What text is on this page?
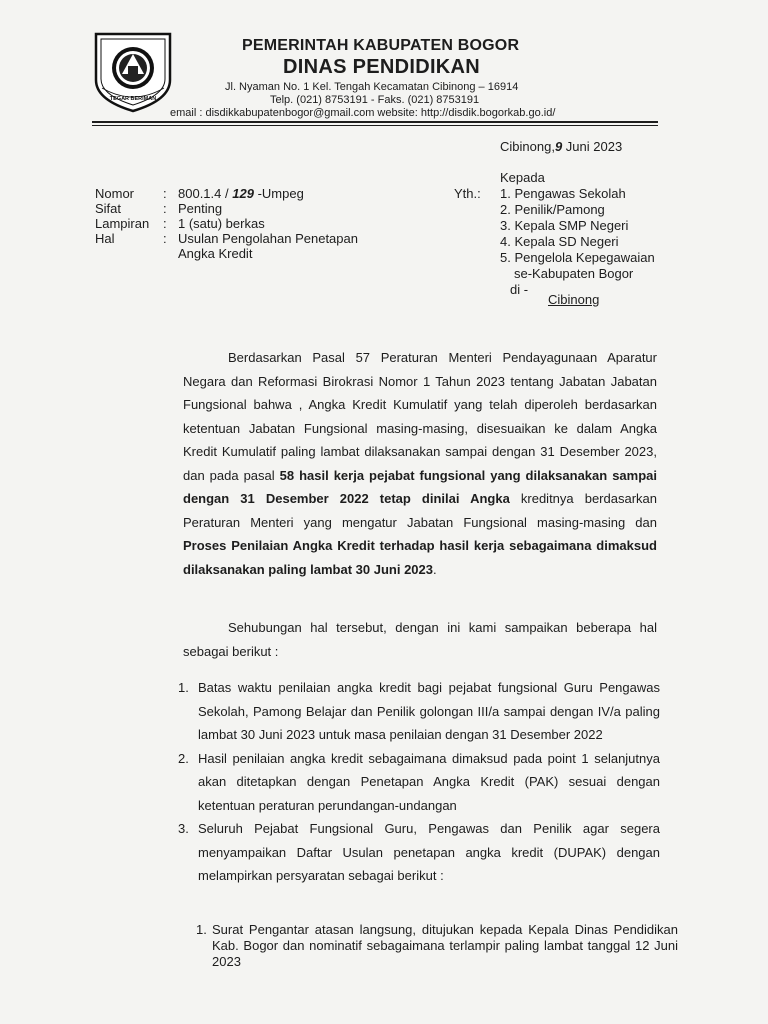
TEGAR BERIMAN
PEMERINTAH KABUPATEN BOGOR
DINAS PENDIDIKAN
Jl. Nyaman No. 1 Kel. Tengah Kecamatan Cibinong – 16914
Telp. (021) 8753191 - Faks. (021) 8753191
email : disdikkabupatenbogor@gmail.com website: http://disdik.bogorkab.go.id/
Cibinong,9 Juni 2023
Nomor : 800.1.4 / 129 -Umpeg
Sifat	: Penting
Lampiran : 1 (satu) berkas
Hal	: Usulan Pengolahan Penetapan
Angka Kredit
Kepada
Yth.: 1. Pengawas Sekolah
2. Penilik/Pamong
3. Kepala SMP Negeri
4. Kepala SD Negeri
5. Pengelola Kepegawaian
se-Kabupaten Bogor
di -
Cibinong
Berdasarkan Pasal 57 Peraturan Menteri Pendayagunaan Aparatur Negara dan Reformasi Birokrasi Nomor 1 Tahun 2023 tentang Jabatan Jabatan Fungsional bahwa , Angka Kredit Kumulatif yang telah diperoleh berdasarkan ketentuan Jabatan Fungsional masing-masing, disesuaikan ke dalam Angka Kredit Kumulatif paling lambat dilaksanakan sampai dengan 31 Desember 2023, dan pada pasal 58 hasil kerja pejabat fungsional yang dilaksanakan sampai dengan 31 Desember 2022 tetap dinilai Angka kreditnya berdasarkan Peraturan Menteri yang mengatur Jabatan Fungsional masing-masing dan Proses Penilaian Angka Kredit terhadap hasil kerja sebagaimana dimaksud dilaksanakan paling lambat 30 Juni 2023.
Sehubungan hal tersebut, dengan ini kami sampaikan beberapa hal sebagai berikut :
1. Batas waktu penilaian angka kredit bagi pejabat fungsional Guru Pengawas Sekolah, Pamong Belajar dan Penilik golongan III/a sampai dengan IV/a paling lambat 30 Juni 2023 untuk masa penilaian dengan 31 Desember 2022
2. Hasil penilaian angka kredit sebagaimana dimaksud pada point 1 selanjutnya akan ditetapkan dengan Penetapan Angka Kredit (PAK) sesuai dengan ketentuan peraturan perundangan-undangan
3. Seluruh Pejabat Fungsional Guru, Pengawas dan Penilik agar segera menyampaikan Daftar Usulan penetapan angka kredit (DUPAK) dengan melampirkan persyaratan sebagai berikut :
1. Surat Pengantar atasan langsung, ditujukan kepada Kepala Dinas Pendidikan Kab. Bogor dan nominatif sebagaimana terlampir paling lambat tanggal 12 Juni 2023
